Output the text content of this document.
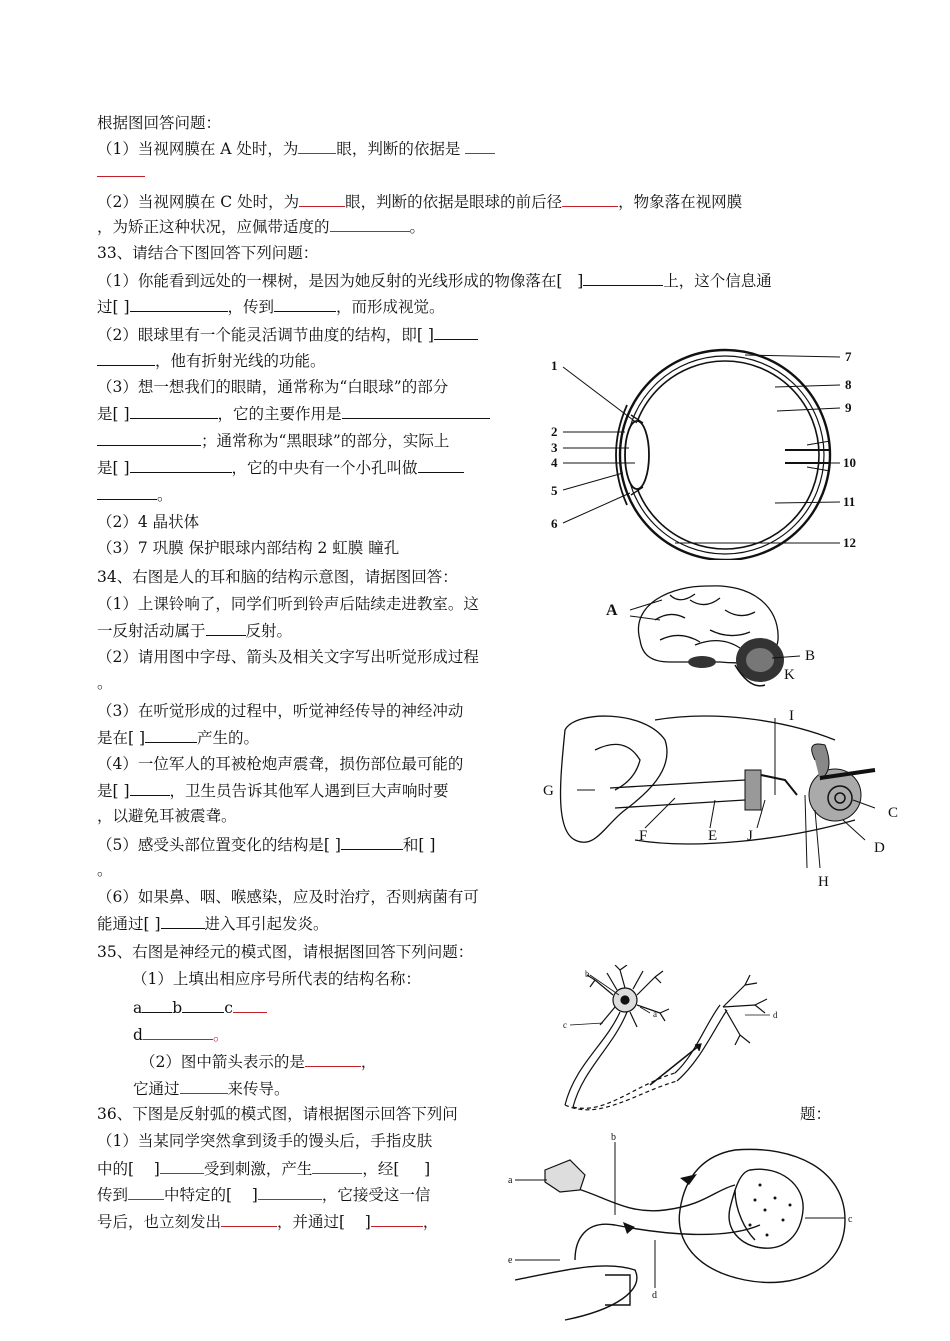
根据图回答问题：
（1）当视网膜在 A 处时，为 眼，判断的依据是
（2）当视网膜在 C 处时，为	眼，判断的依据是眼球的前后径	，物象落在视网膜
，为矫正这种状况，应佩带适度的	。
33、请结合下图回答下列问题：
（1）你能看到远处的一棵树，是因为她反射的光线形成的物像落在[ ]	上，这个信息通
过[ ]	，传到	，而形成视觉。
（2）眼球里有一个能灵活调节曲度的结构，即[ ]
，他有折射光线的功能。
（3）想一想我们的眼睛，通常称为“白眼球”的部分
是[ ]	，它的主要作用是
；通常称为“黑眼球”的部分，实际上
是[ ]	，它的中央有一个小孔叫做
。
（2）4 晶状体
（3）7 巩膜 保护眼球内部结构 2 虹膜 瞳孔
1
2
3
4
5
6
7
8
9
10
11
12
34、右图是人的耳和脑的结构示意图，请据图回答：
（1）上课铃响了，同学们听到铃声后陆续走进教室。这
一反射活动属于	反射。
（2）请用图中字母、箭头及相关文字写出听觉形成过程
。
（3）在听觉形成的过程中，听觉神经传导的神经冲动
是在[ ]	产生的。
（4）一位军人的耳被枪炮声震聋，损伤部位最可能的
是[ ]	，卫生员告诉其他军人遇到巨大声响时要
，以避免耳被震聋。
（5）感受头部位置变化的结构是[ ]	和[ ]
。
（6）如果鼻、咽、喉感染，应及时治疗，否则病菌有可
能通过[ ]	进入耳引起发炎。
A
B
K
I
G
C
F	E J
D
H
35、右图是神经元的模式图，请根据图回答下列问题：
（1）上填出相应序号所代表的结构名称：
a b	c
d	。
（2）图中箭头表示的是	，
它通过	来传导。
b
a
c
d
36、下图是反射弧的模式图，请根据图示回答下列问	题：
（1）当某同学突然拿到烫手的馒头后，手指皮肤
中的[ ]	受到刺激，产生	，经[ ]
传到 中特定的[ ]	，它接受这一信
号后，也立刻发出	，并通过[ ]	，
b
a
c
e
d
